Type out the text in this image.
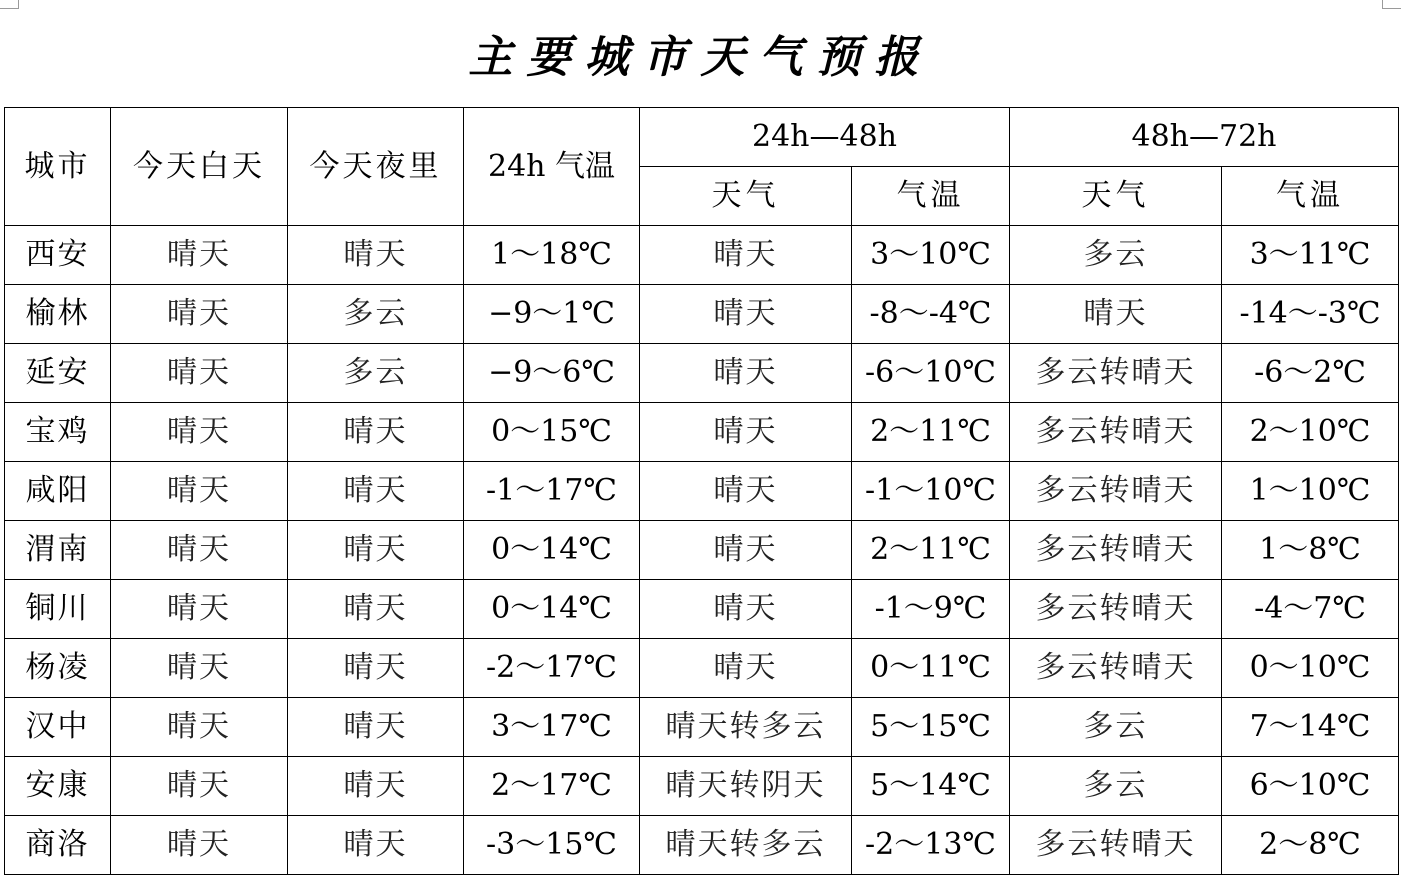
主要城市天气预报
城市	今天白天	今天夜里	24h 气温	24h—48h		48h—72h	
				天气	气温	天气	气温
西安	晴天	晴天	1～18℃	晴天	3～10℃	多云	3～11℃
榆林	晴天	多云	−9～1℃	晴天	-8～-4℃	晴天	-14～-3℃
延安	晴天	多云	−9～6℃	晴天	-6～10℃	多云转晴天	-6～2℃
宝鸡	晴天	晴天	0～15℃	晴天	2～11℃	多云转晴天	2～10℃
咸阳	晴天	晴天	-1～17℃	晴天	-1～10℃	多云转晴天	1～10℃
渭南	晴天	晴天	0～14℃	晴天	2～11℃	多云转晴天	1～8℃
铜川	晴天	晴天	0～14℃	晴天	-1～9℃	多云转晴天	-4～7℃
杨凌	晴天	晴天	-2～17℃	晴天	0～11℃	多云转晴天	0～10℃
汉中	晴天	晴天	3～17℃	晴天转多云	5～15℃	多云	7～14℃
安康	晴天	晴天	2～17℃	晴天转阴天	5～14℃	多云	6～10℃
商洛	晴天	晴天	-3～15℃	晴天转多云	-2～13℃	多云转晴天	2～8℃
